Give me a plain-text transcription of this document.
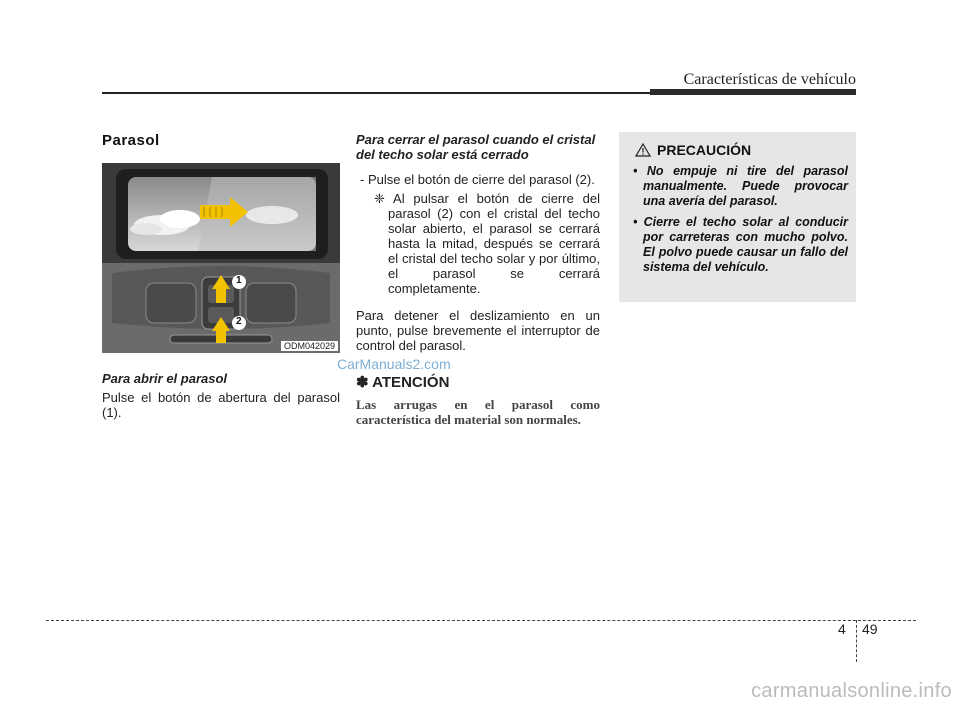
Características de vehículo
Parasol
1
2
ODM042029

Para abrir el parasol

Pulse el botón de abertura del parasol (1).

Para cerrar el parasol cuando el cristal del techo solar está cerrado

- Pulse el botón de cierre del parasol (2).

❈ Al pulsar el botón de cierre del parasol (2) con el cristal del techo solar abierto, el parasol se cerrará hasta la mitad, después se cerrará el cristal del techo solar y por último, el parasol se cerrará completamente.

Para detener el deslizamiento en un punto, pulse brevemente el interruptor de control del parasol.

✽ ATENCIÓN

Las arrugas en el parasol como característica del material son normales.

PRECAUCIÓN
• No empuje ni tire del parasol manualmente. Puede provocar una avería del parasol.
• Cierre el techo solar al conducir por carreteras con mucho polvo. El polvo puede causar un fallo del sistema del vehículo.
CarManuals2.com
4 49
carmanualsonline.info
